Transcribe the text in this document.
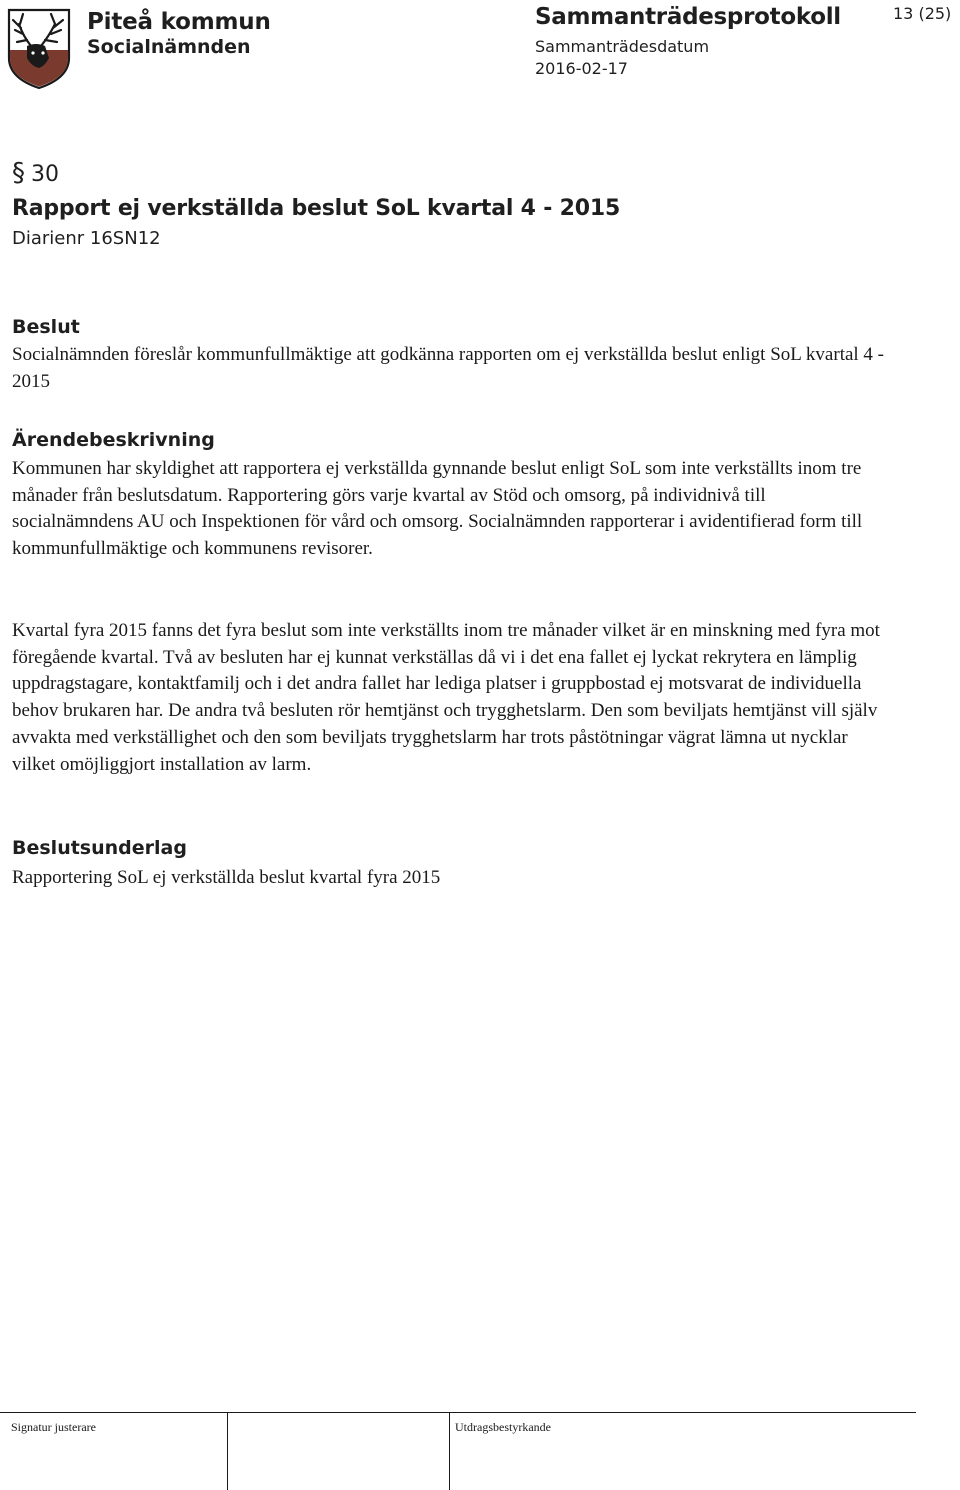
Piteå kommun
Socialnämnden
Sammanträdesprotokoll
Sammanträdesdatum
2016-02-17
13 (25)
§ 30
Rapport ej verkställda beslut SoL kvartal 4 - 2015
Diarienr 16SN12
Beslut

Socialnämnden föreslår kommunfullmäktige att godkänna rapporten om ej verkställda beslut enligt SoL kvartal 4 - 2015

Ärendebeskrivning

Kommunen har skyldighet att rapportera ej verkställda gynnande beslut enligt SoL som inte verkställts inom tre månader från beslutsdatum. Rapportering görs varje kvartal av Stöd och omsorg, på individnivå till socialnämndens AU och Inspektionen för vård och omsorg. Socialnämnden rapporterar i avidentifierad form till kommunfullmäktige och kommunens revisorer.

Kvartal fyra 2015 fanns det fyra beslut som inte verkställts inom tre månader vilket är en minskning med fyra mot föregående kvartal. Två av besluten har ej kunnat verkställas då vi i det ena fallet ej lyckat rekrytera en lämplig uppdragstagare, kontaktfamilj och i det andra fallet har lediga platser i gruppbostad ej motsvarat de individuella behov brukaren har. De andra två besluten rör hemtjänst och trygghetslarm. Den som beviljats hemtjänst vill själv avvakta med verkställighet och den som beviljats trygghetslarm har trots påstötningar vägrat lämna ut nycklar vilket omöjliggjort installation av larm.

Beslutsunderlag

Rapportering SoL ej verkställda beslut kvartal fyra 2015

Signatur justerare	Utdragsbestyrkande
